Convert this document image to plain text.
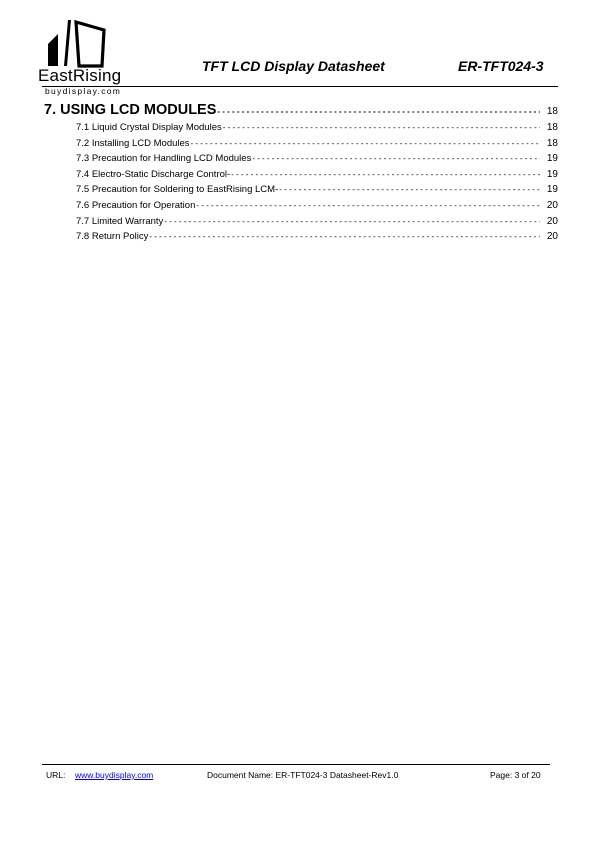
EastRising
buydisplay.com
TFT LCD Display Datasheet	ER-TFT024-3
7. USING LCD MODULES -----	18
7.1 Liquid Crystal Display Modules -----	18
7.2 Installing LCD Modules -----	18
7.3 Precaution for Handling LCD Modules -----	19
7.4 Electro-Static Discharge Control- -----	19
7.5 Precaution for Soldering to EastRising LCM- -----	19
7.6 Precaution for Operation -----	20
7.7 Limited Warranty -----	20
7.8 Return Policy -----	20
URL: www.buydisplay.com	Document Name: ER-TFT024-3 Datasheet-Rev1.0	Page: 3 of 20
